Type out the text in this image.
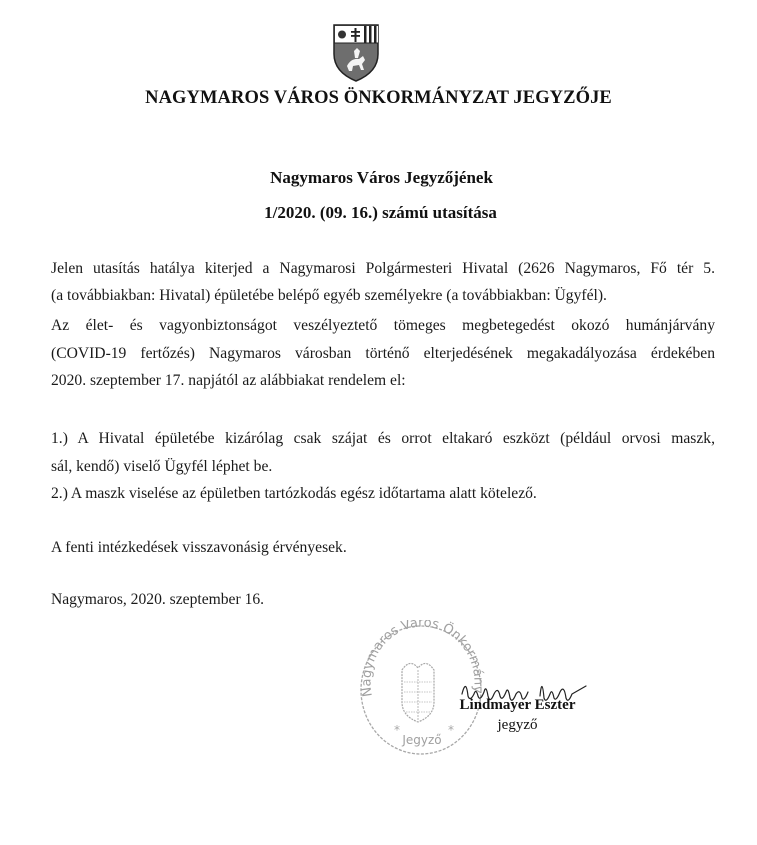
NAGYMAROS VÁROS ÖNKORMÁNYZAT JEGYZŐJE
Nagymaros Város Jegyzőjének
1/2020. (09. 16.) számú utasítása
Jelen utasítás hatálya kiterjed a Nagymarosi Polgármesteri Hivatal (2626 Nagymaros, Fő tér 5.
(a továbbiakban: Hivatal) épületébe belépő egyéb személyekre (a továbbiakban: Ügyfél).
Az élet- és vagyonbiztonságot veszélyeztető tömeges megbetegedést okozó humánjárvány
(COVID-19 fertőzés) Nagymaros városban történő elterjedésének megakadályozása érdekében
2020. szeptember 17. napjától az alábbiakat rendelem el:
1.) A Hivatal épületébe kizárólag csak szájat és orrot eltakaró eszközt (például orvosi maszk,
sál, kendő) viselő Ügyfél léphet be.
2.) A maszk viselése az épületben tartózkodás egész időtartama alatt kötelező.
A fenti intézkedések visszavonásig érvényesek.
Nagymaros, 2020. szeptember 16.
Nagymaros Város Önkormány
Jegyző
*	*
Lindmayer Eszter
jegyző
